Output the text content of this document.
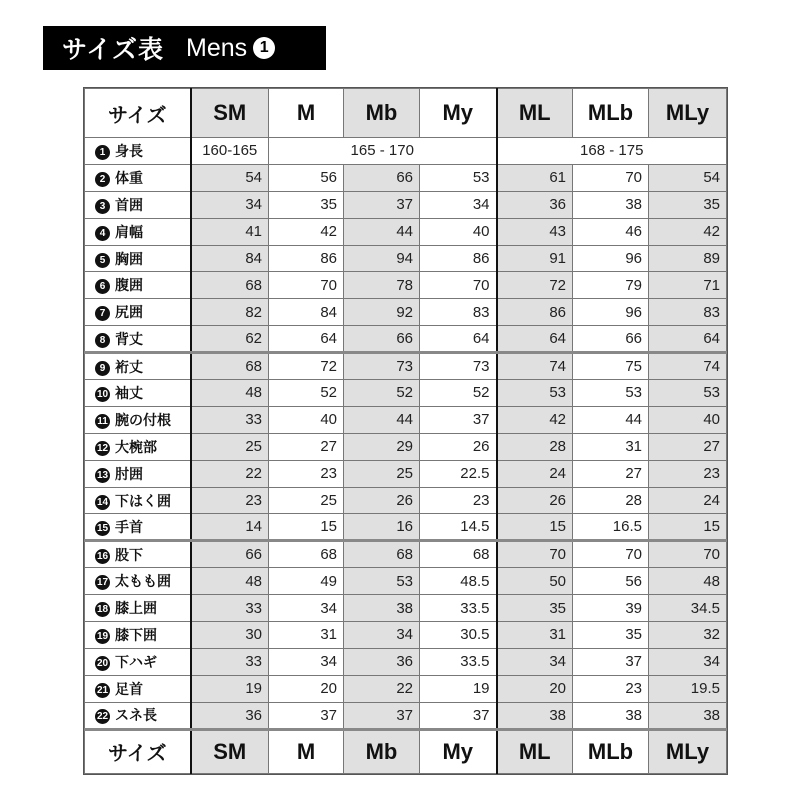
サイズ表 Mens 1
サイズ	SM	M	Mb	My	ML	MLb	MLy
1 身長	160-165	165 - 170			168 - 175		
2 体重	54	56	66	53	61	70	54
3 首囲	34	35	37	34	36	38	35
4 肩幅	41	42	44	40	43	46	42
5 胸囲	84	86	94	86	91	96	89
6 腹囲	68	70	78	70	72	79	71
7 尻囲	82	84	92	83	86	96	83
8 背丈	62	64	66	64	64	66	64
9 裄丈	68	72	73	73	74	75	74
10 袖丈	48	52	52	52	53	53	53
11 腕の付根	33	40	44	37	42	44	40
12 大椀部	25	27	29	26	28	31	27
13 肘囲	22	23	25	22.5	24	27	23
14 下はく囲	23	25	26	23	26	28	24
15 手首	14	15	16	14.5	15	16.5	15
16 股下	66	68	68	68	70	70	70
17 太もも囲	48	49	53	48.5	50	56	48
18 膝上囲	33	34	38	33.5	35	39	34.5
19 膝下囲	30	31	34	30.5	31	35	32
20 下ハギ	33	34	36	33.5	34	37	34
21 足首	19	20	22	19	20	23	19.5
22 スネ長	36	37	37	37	38	38	38
サイズ	SM	M	Mb	My	ML	MLb	MLy
